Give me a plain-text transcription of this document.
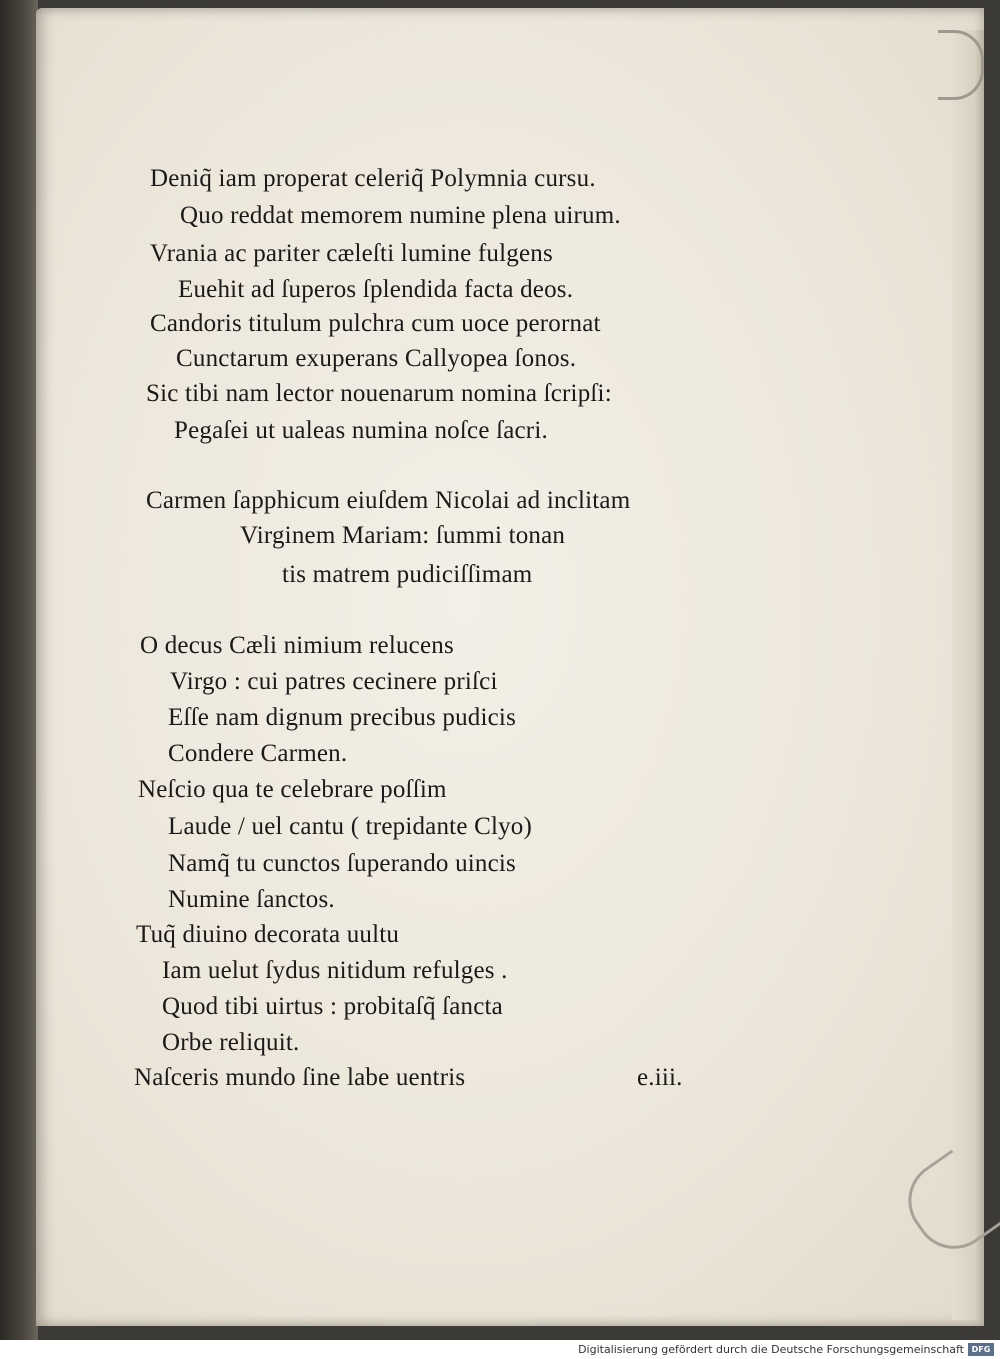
Deniq̃ iam properat celeriq̃ Polymnia cursu.
Quo reddat memorem numine plena uirum.
Vrania ac pariter cæleſti lumine fulgens
Euehit ad ſuperos ſplendida facta deos.
Candoris titulum pulchra cum uoce perornat
Cunctarum exuperans Callyopea ſonos.
Sic tibi nam lector nouenarum nomina ſcripſi:
Pegaſei ut ualeas numina noſce ſacri.
Carmen ſapphicum eiuſdem Nicolai ad inclitam
Virginem Mariam: ſummi tonan
tis matrem pudiciſſimam
O decus Cæli nimium relucens
Virgo : cui patres cecinere priſci
Eſſe nam dignum precibus pudicis
Condere Carmen.
Neſcio qua te celebrare poſſim
Laude / uel cantu ( trepidante Clyo)
Namq̃ tu cunctos ſuperando uincis
Numine ſanctos.
Tuq̃ diuino decorata uultu
Iam uelut ſydus nitidum refulges .
Quod tibi uirtus : probitaſq̃ ſancta
Orbe reliquit.
Naſceris mundo ſine labe uentris	e.iii.
Digitalisierung gefördert durch die Deutsche Forschungsgemeinschaft DFG
